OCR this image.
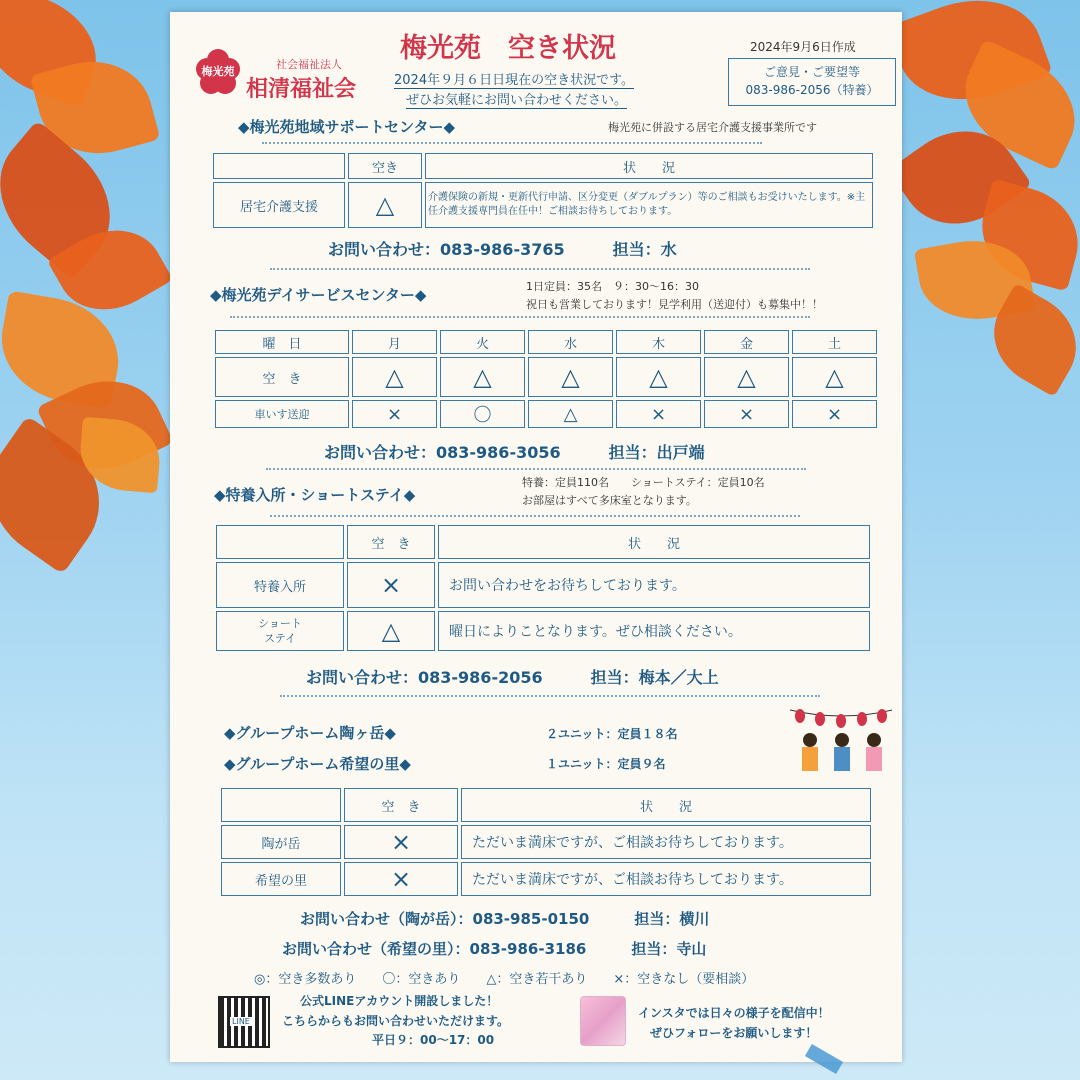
梅光苑
社会福祉法人
相清福祉会
梅光苑　空き状況	2024年9月6日作成
2024年９月６日日現在の空き状況です。
ぜひお気軽にお問い合わせください。
ご意見・ご要望等
083-986-2056（特養）
◆梅光苑地域サポートセンター◆	梅光苑に併設する居宅介護支援事業所です
	空き	状　　況
居宅介護支援	△	介護保険の新規・更新代行申請、区分変更（ダブルプラン）等のご相談もお受けいたします。※主任介護支援専門員在任中！ご相談お待ちしております。
お問い合わせ：083-986-3765　　　担当：水
◆梅光苑デイサービスセンター◆	1日定員：35名　９：30〜16：30
祝日も営業しております！見学利用（送迎付）も募集中！！
曜　日	月	火	水	木	金	土
空　き	△	△	△	△	△	△
車いす送迎	×	〇	△	×	×	×
お問い合わせ：083-986-3056　　　担当：出戸端
◆特養入所・ショートステイ◆
特養：定員110名　　ショートステイ：定員10名
お部屋はすべて多床室となります。
	空　き	状　　況
特養入所	×	お問い合わせをお待ちしております。
ショート
ステイ	△	曜日によりことなります。ぜひ相談ください。
お問い合わせ：083-986-2056　　　担当：梅本／大上
◆グループホーム陶ヶ岳◆	２ユニット：定員１８名
◆グループホーム希望の里◆	１ユニット：定員９名
	空　き	状　　況
陶が岳	×	ただいま満床ですが、ご相談お待ちしております。
希望の里	×	ただいま満床ですが、ご相談お待ちしております。
お問い合わせ（陶が岳）：083-985-0150　　　担当：横川
お問い合わせ（希望の里）：083-986-3186　　　担当：寺山
◎：空き多数あり　　〇：空きあり　　△：空き若干あり　　×：空きなし（要相談）
LINE
公式LINEアカウント開設しました！
こちらからもお問い合わせいただけます。
平日９：00〜17：00
インスタでは日々の様子を配信中！
ぜひフォローをお願いします！
